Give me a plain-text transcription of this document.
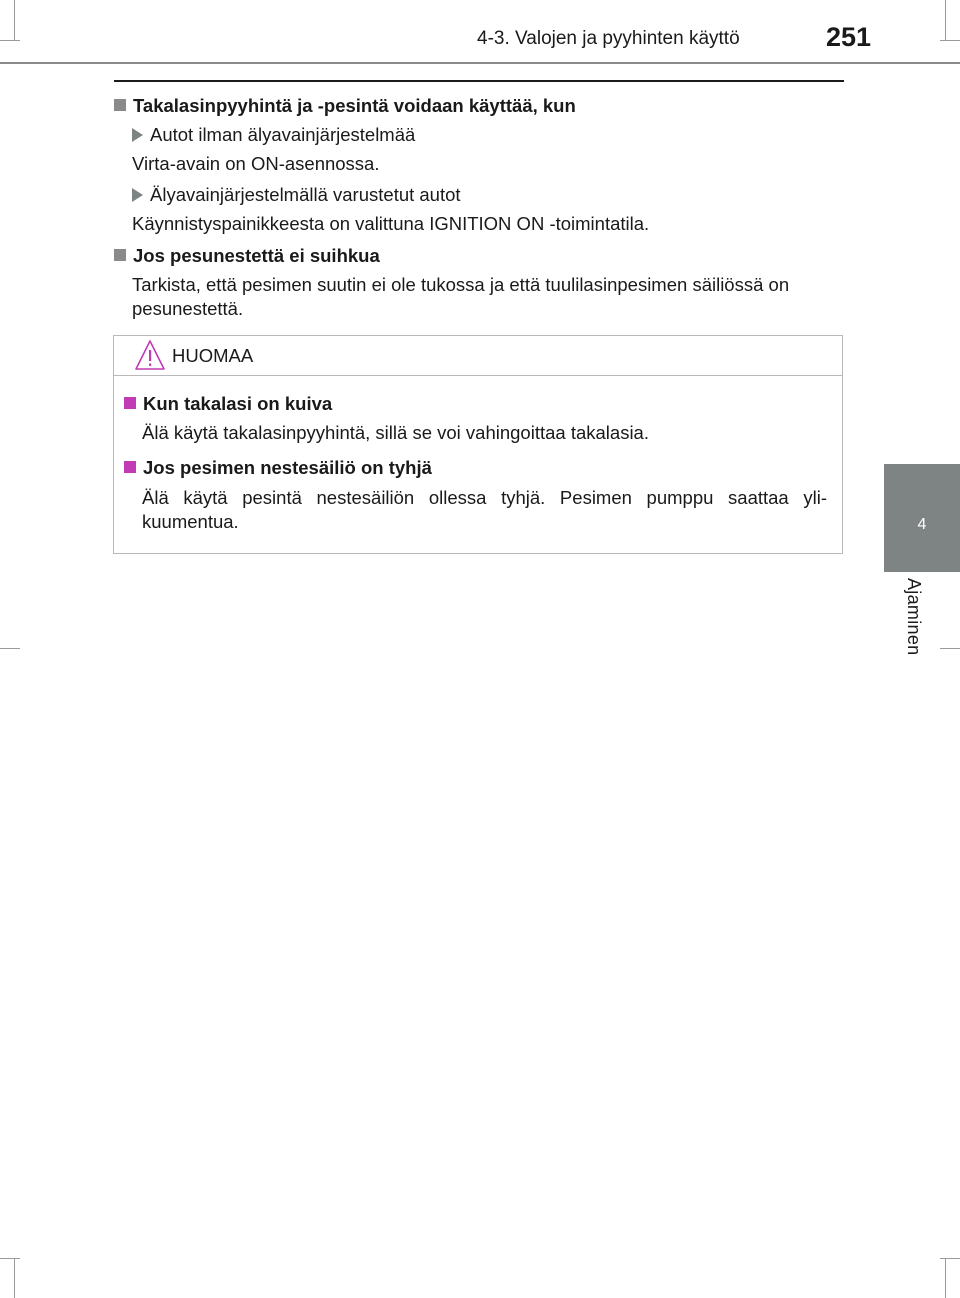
4-3. Valojen ja pyyhinten käyttö	251
4
Ajaminen
Takalasinpyyhintä ja -pesintä voidaan käyttää, kun
Autot ilman älyavainjärjestelmää
Virta-avain on ON-asennossa.
Älyavainjärjestelmällä varustetut autot
Käynnistyspainikkeesta on valittuna IGNITION ON -toimintatila.
Jos pesunestettä ei suihkua
Tarkista, että pesimen suutin ei ole tukossa ja että tuulilasinpesimen säiliössä on pesunestettä.
HUOMAA
Kun takalasi on kuiva
Älä käytä takalasinpyyhintä, sillä se voi vahingoittaa takalasia.
Jos pesimen nestesäiliö on tyhjä
Älä käytä pesintä nestesäiliön ollessa tyhjä. Pesimen pumppu saattaa yli-kuumentua.
